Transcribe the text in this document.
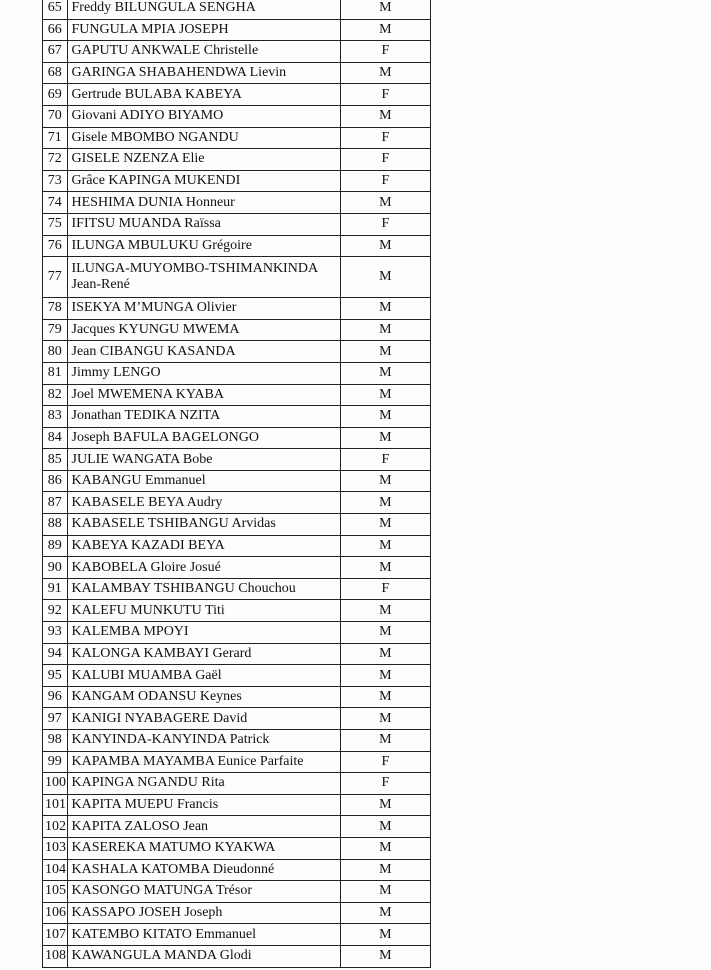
65	Freddy BILUNGULA SENGHA	M
66	FUNGULA MPIA JOSEPH	M
67	GAPUTU ANKWALE Christelle	F
68	GARINGA SHABAHENDWA Lievin	M
69	Gertrude BULABA KABEYA	F
70	Giovani ADIYO BIYAMO	M
71	Gisele MBOMBO NGANDU	F
72	GISELE NZENZA Elie	F
73	Grâce KAPINGA MUKENDI	F
74	HESHIMA DUNIA Honneur	M
75	IFITSU MUANDA Raïssa	F
76	ILUNGA MBULUKU Grégoire	M
77	ILUNGA-MUYOMBO-TSHIMANKINDA Jean-René	M
78	ISEKYA M’MUNGA Olivier	M
79	Jacques KYUNGU MWEMA	M
80	Jean CIBANGU KASANDA	M
81	Jimmy LENGO	M
82	Joel MWEMENA KYABA	M
83	Jonathan TEDIKA NZITA	M
84	Joseph BAFULA BAGELONGO	M
85	JULIE WANGATA Bobe	F
86	KABANGU Emmanuel	M
87	KABASELE BEYA Audry	M
88	KABASELE TSHIBANGU Arvidas	M
89	KABEYA KAZADI BEYA	M
90	KABOBELA Gloire Josué	M
91	KALAMBAY TSHIBANGU Chouchou	F
92	KALEFU MUNKUTU Titi	M
93	KALEMBA MPOYI	M
94	KALONGA KAMBAYI Gerard	M
95	KALUBI MUAMBA Gaël	M
96	KANGAM ODANSU Keynes	M
97	KANIGI NYABAGERE David	M
98	KANYINDA-KANYINDA Patrick	M
99	KAPAMBA MAYAMBA Eunice Parfaite	F
100	KAPINGA NGANDU Rita	F
101	KAPITA MUEPU Francis	M
102	KAPITA ZALOSO Jean	M
103	KASEREKA MATUMO KYAKWA	M
104	KASHALA KATOMBA Dieudonné	M
105	KASONGO MATUNGA Trésor	M
106	KASSAPO JOSEH Joseph	M
107	KATEMBO KITATO Emmanuel	M
108	KAWANGULA MANDA Glodi	M
